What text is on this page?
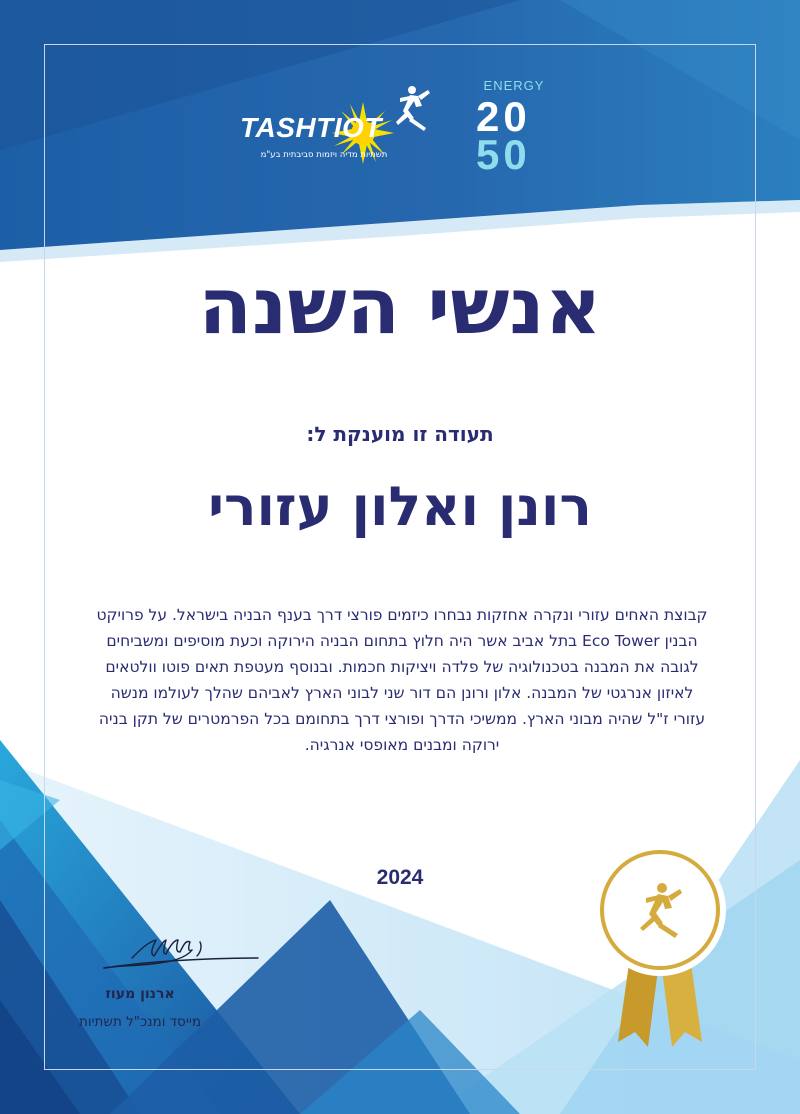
TASHTIOT
תשתיות מדיה ויזמות סביבתית בע"מ
ENERGY
20
50
אנשי השנה
תעודה זו מוענקת ל:
רונן ואלון עזורי
קבוצת האחים עזורי ונקרה אחזקות נבחרו כיזמים פורצי דרך בענף הבניה בישראל. על פרויקט הבנין Eco Tower בתל אביב אשר היה חלוץ בתחום הבניה הירוקה וכעת מוסיפים ומשביחים לגובה את המבנה בטכנולוגיה של פלדה ויציקות חכמות. ובנוסף מעטפת תאים פוטו וולטאים לאיזון אנרגטי של המבנה. אלון ורונן הם דור שני לבוני הארץ לאביהם שהלך לעולמו מנשה עזורי ז"ל שהיה מבוני הארץ. ממשיכי הדרך ופורצי דרך בתחומם בכל הפרמטרים של תקן בניה ירוקה ומבנים מאופסי אנרגיה.
2024
ארנון מעוז
מייסד ומנכ"ל תשתיות
